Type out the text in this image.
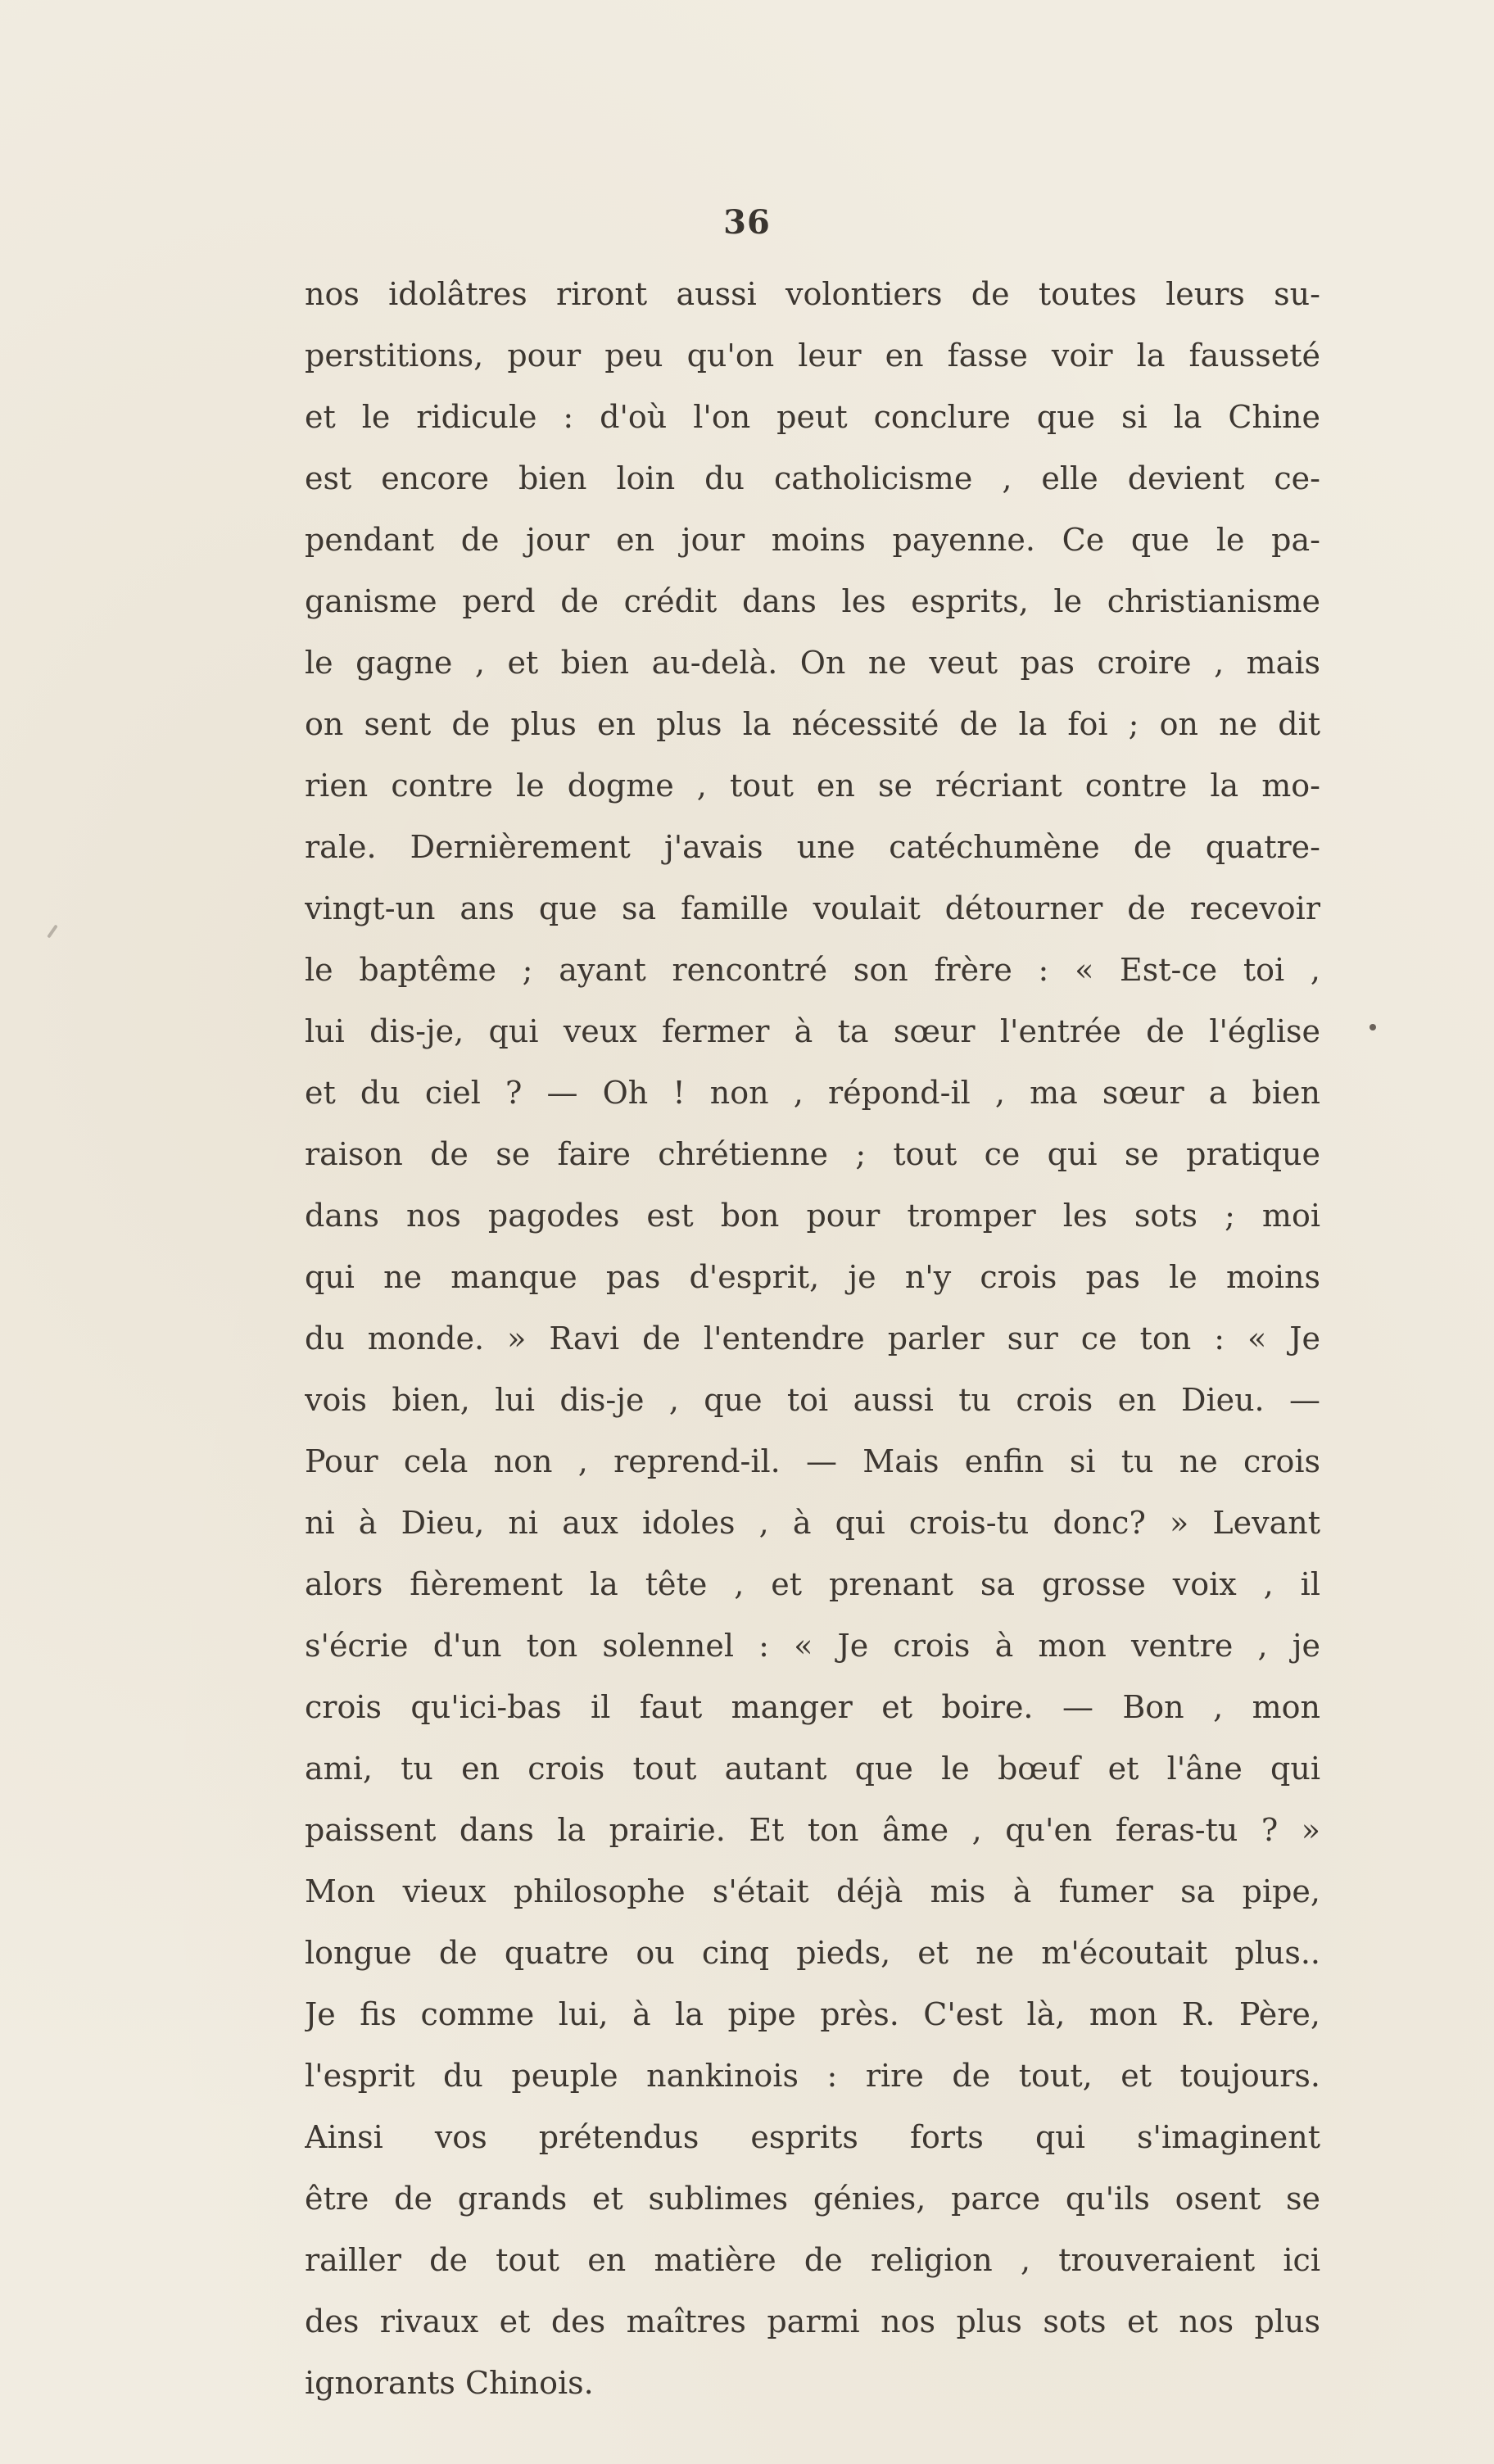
36
nos idolâtres riront aussi volontiers de toutes leurs su-
perstitions, pour peu qu'on leur en fasse voir la fausseté
et le ridicule : d'où l'on peut conclure que si la Chine
est encore bien loin du catholicisme , elle devient ce-
pendant de jour en jour moins payenne. Ce que le pa-
ganisme perd de crédit dans les esprits, le christianisme
le gagne , et bien au-delà. On ne veut pas croire , mais
on sent de plus en plus la nécessité de la foi ; on ne dit
rien contre le dogme , tout en se récriant contre la mo-
rale. Dernièrement j'avais une catéchumène de quatre-
vingt-un ans que sa famille voulait détourner de recevoir
le baptême ; ayant rencontré son frère : « Est-ce toi ,
lui dis-je, qui veux fermer à ta sœur l'entrée de l'église
et du ciel ? — Oh ! non , répond-il , ma sœur a bien
raison de se faire chrétienne ; tout ce qui se pratique
dans nos pagodes est bon pour tromper les sots ; moi
qui ne manque pas d'esprit, je n'y crois pas le moins
du monde. » Ravi de l'entendre parler sur ce ton : « Je
vois bien, lui dis-je , que toi aussi tu crois en Dieu. —
Pour cela non , reprend-il. — Mais enfin si tu ne crois
ni à Dieu, ni aux idoles , à qui crois-tu donc? » Levant
alors fièrement la tête , et prenant sa grosse voix , il
s'écrie d'un ton solennel : « Je crois à mon ventre , je
crois qu'ici-bas il faut manger et boire. — Bon , mon
ami, tu en crois tout autant que le bœuf et l'âne qui
paissent dans la prairie. Et ton âme , qu'en feras-tu ? »
Mon vieux philosophe s'était déjà mis à fumer sa pipe,
longue de quatre ou cinq pieds, et ne m'écoutait plus..
Je fis comme lui, à la pipe près. C'est là, mon R. Père,
l'esprit du peuple nankinois : rire de tout, et toujours.
Ainsi vos prétendus esprits forts qui s'imaginent
être de grands et sublimes génies, parce qu'ils osent se
railler de tout en matière de religion , trouveraient ici
des rivaux et des maîtres parmi nos plus sots et nos plus
ignorants Chinois.
